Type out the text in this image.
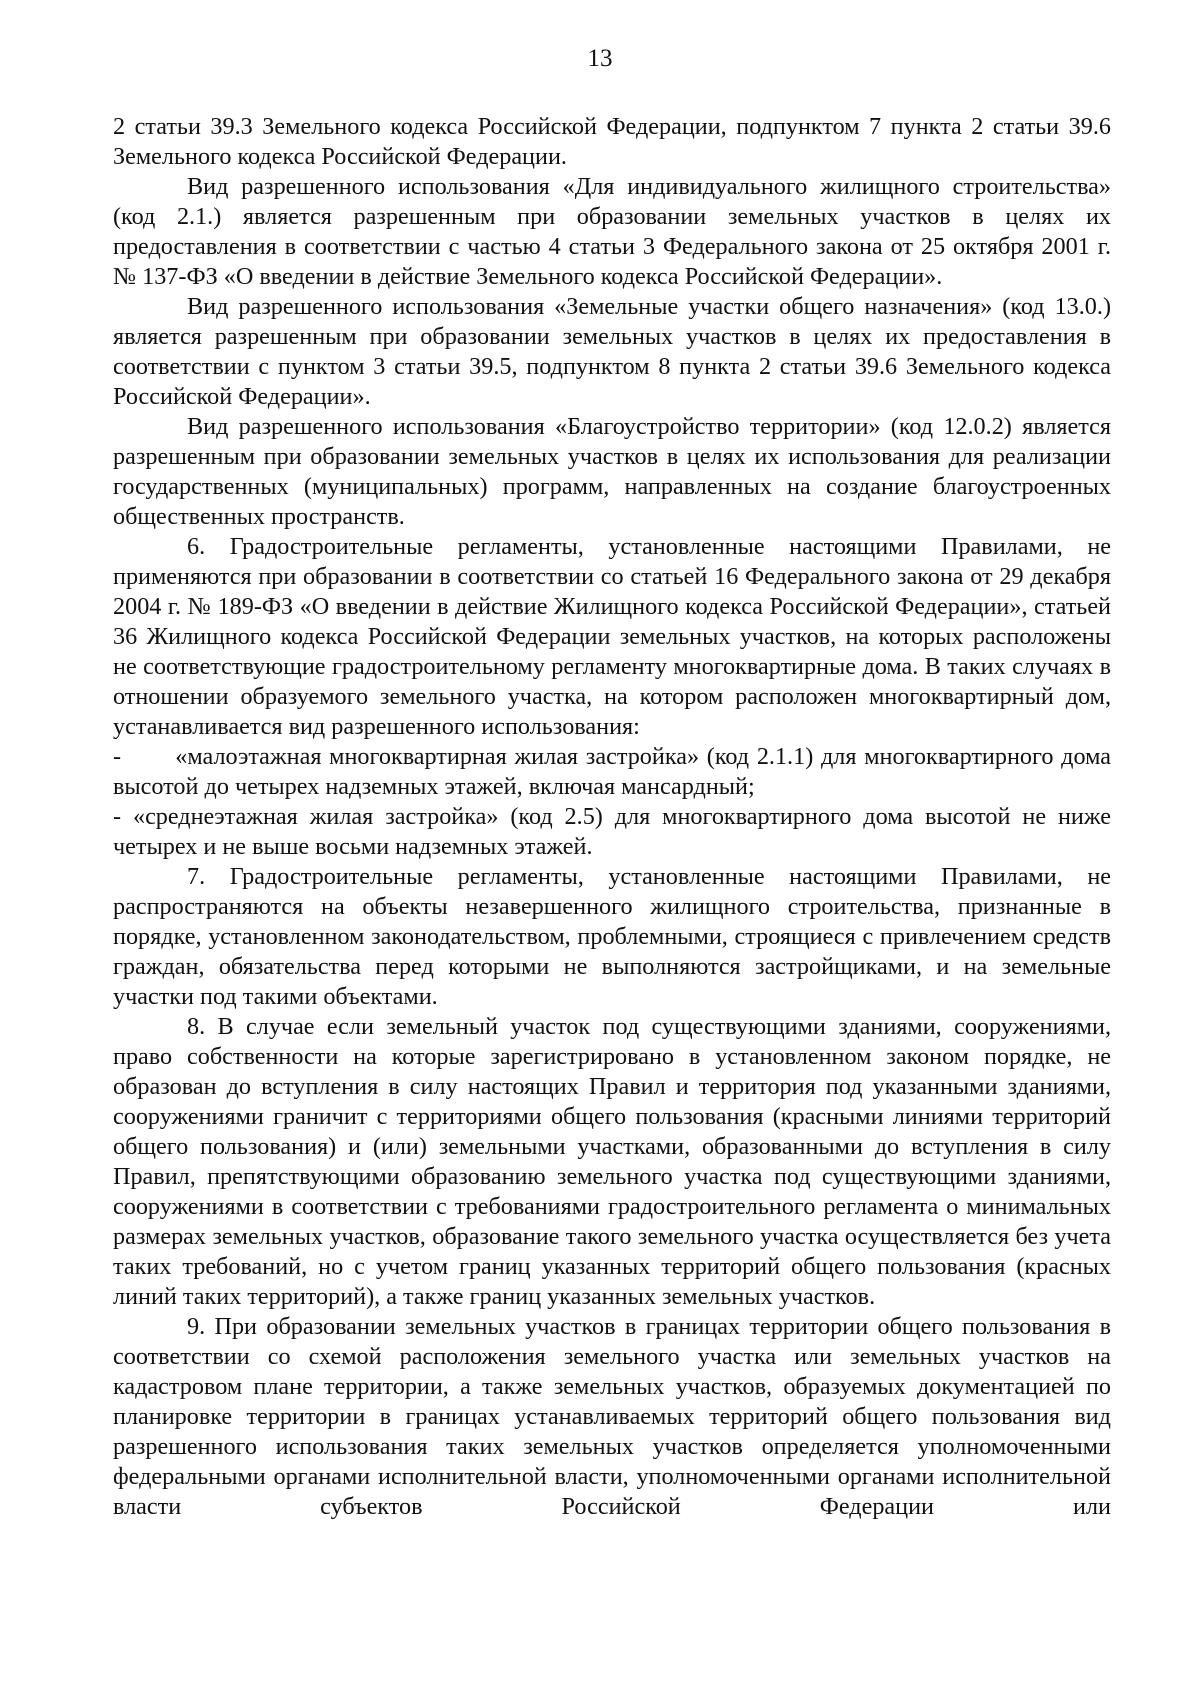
13

2 статьи 39.3 Земельного кодекса Российской Федерации, подпунктом 7 пункта 2 статьи 39.6 Земельного кодекса Российской Федерации.

Вид разрешенного использования «Для индивидуального жилищного строительства» (код 2.1.) является разрешенным при образовании земельных участков в целях их предоставления в соответствии с частью 4 статьи 3 Федерального закона от 25 октября 2001 г. № 137-ФЗ «О введении в действие Земельного кодекса Российской Федерации».

Вид разрешенного использования «Земельные участки общего назначения» (код 13.0.) является разрешенным при образовании земельных участков в целях их предоставления в соответствии с пунктом 3 статьи 39.5, подпунктом 8 пункта 2 статьи 39.6 Земельного кодекса Российской Федерации».

Вид разрешенного использования «Благоустройство территории» (код 12.0.2) является разрешенным при образовании земельных участков в целях их использования для реализации государственных (муниципальных) программ, направленных на создание благоустроенных общественных пространств.

6. Градостроительные регламенты, установленные настоящими Правилами, не применяются при образовании в соответствии со статьей 16 Федерального закона от 29 декабря 2004 г. № 189-ФЗ «О введении в действие Жилищного кодекса Российской Федерации», статьей 36 Жилищного кодекса Российской Федерации земельных участков, на которых расположены не соответствующие градостроительному регламенту многоквартирные дома. В таких случаях в отношении образуемого земельного участка, на котором расположен многоквартирный дом, устанавливается вид разрешенного использования:

-       «малоэтажная многоквартирная жилая застройка» (код 2.1.1) для многоквартирного дома высотой до четырех надземных этажей, включая мансардный;

- «среднеэтажная жилая застройка» (код 2.5) для многоквартирного дома высотой не ниже четырех и не выше восьми надземных этажей.

7. Градостроительные регламенты, установленные настоящими Правилами, не распространяются на объекты незавершенного жилищного строительства, признанные в порядке, установленном законодательством, проблемными, строящиеся с привлечением средств граждан, обязательства перед которыми не выполняются застройщиками, и на земельные участки под такими объектами.

8. В случае если земельный участок под существующими зданиями, сооружениями, право собственности на которые зарегистрировано в установленном законом порядке, не образован до вступления в силу настоящих Правил и территория под указанными зданиями, сооружениями граничит с территориями общего пользования (красными линиями территорий общего пользования) и (или) земельными участками, образованными до вступления в силу Правил, препятствующими образованию земельного участка под существующими зданиями, сооружениями в соответствии с требованиями градостроительного регламента о минимальных размерах земельных участков, образование такого земельного участка осуществляется без учета таких требований, но с учетом границ указанных территорий общего пользования (красных линий таких территорий), а также границ указанных земельных участков.

9. При образовании земельных участков в границах территории общего пользования в соответствии со схемой расположения земельного участка или земельных участков на кадастровом плане территории, а также земельных участков, образуемых документацией по планировке территории в границах устанавливаемых территорий общего пользования вид разрешенного использования таких земельных участков определяется уполномоченными федеральными органами исполнительной власти, уполномоченными органами исполнительной власти субъектов Российской Федерации или
